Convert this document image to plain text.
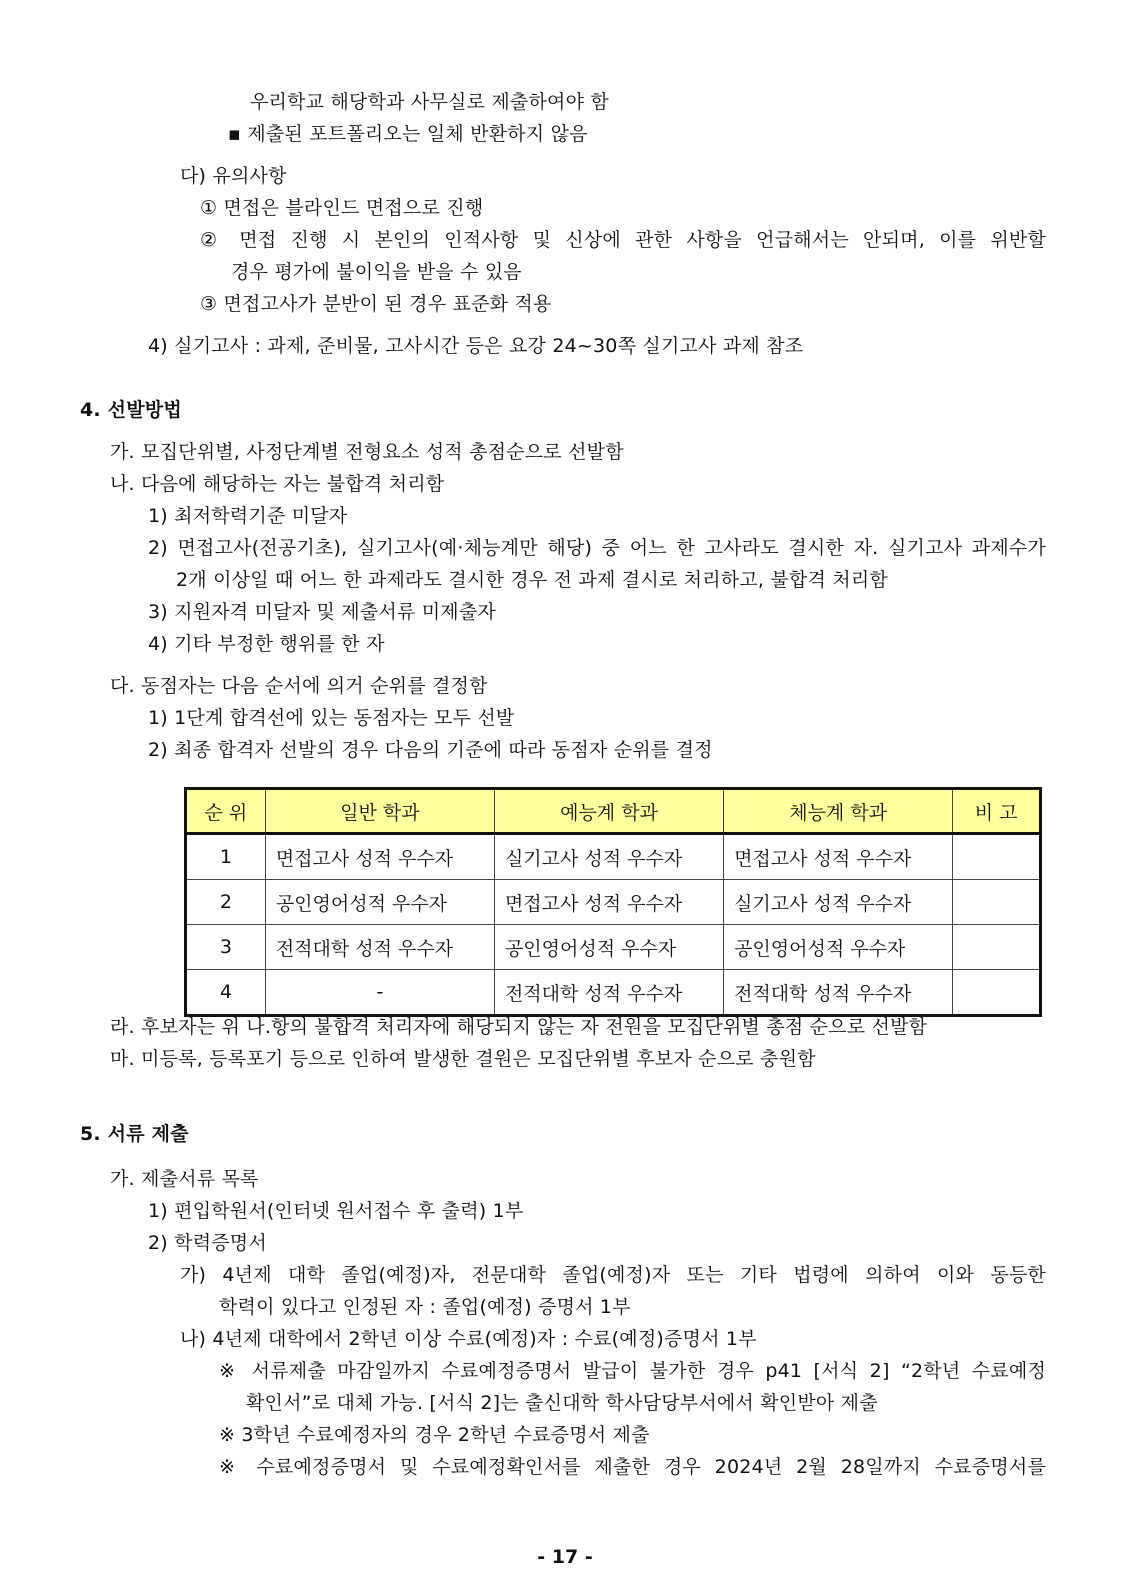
우리학교 해당학과 사무실로 제출하여야 함
▪ 제출된 포트폴리오는 일체 반환하지 않음
다) 유의사항
① 면접은 블라인드 면접으로 진행
② 면접 진행 시 본인의 인적사항 및 신상에 관한 사항을 언급해서는 안되며, 이를 위반할
경우 평가에 불이익을 받을 수 있음
③ 면접고사가 분반이 된 경우 표준화 적용
4) 실기고사 : 과제, 준비물, 고사시간 등은 요강 24~30쪽 실기고사 과제 참조
4. 선발방법
가. 모집단위별, 사정단계별 전형요소 성적 총점순으로 선발함
나. 다음에 해당하는 자는 불합격 처리함
1) 최저학력기준 미달자
2) 면접고사(전공기초), 실기고사(예·체능계만 해당) 중 어느 한 고사라도 결시한 자. 실기고사 과제수가
2개 이상일 때 어느 한 과제라도 결시한 경우 전 과제 결시로 처리하고, 불합격 처리함
3) 지원자격 미달자 및 제출서류 미제출자
4) 기타 부정한 행위를 한 자
다. 동점자는 다음 순서에 의거 순위를 결정함
1) 1단계 합격선에 있는 동점자는 모두 선발
2) 최종 합격자 선발의 경우 다음의 기준에 따라 동점자 순위를 결정
순 위	일반 학과	예능계 학과	체능계 학과	비 고
1	면접고사 성적 우수자	실기고사 성적 우수자	면접고사 성적 우수자	
2	공인영어성적 우수자	면접고사 성적 우수자	실기고사 성적 우수자	
3	전적대학 성적 우수자	공인영어성적 우수자	공인영어성적 우수자	
4	-	전적대학 성적 우수자	전적대학 성적 우수자	
라. 후보자는 위 나.항의 불합격 처리자에 해당되지 않는 자 전원을 모집단위별 총점 순으로 선발함
마. 미등록, 등록포기 등으로 인하여 발생한 결원은 모집단위별 후보자 순으로 충원함
5. 서류 제출
가. 제출서류 목록
1) 편입학원서(인터넷 원서접수 후 출력) 1부
2) 학력증명서
가) 4년제 대학 졸업(예정)자, 전문대학 졸업(예정)자 또는 기타 법령에 의하여 이와 동등한
학력이 있다고 인정된 자 : 졸업(예정) 증명서 1부
나) 4년제 대학에서 2학년 이상 수료(예정)자 : 수료(예정)증명서 1부
※ 서류제출 마감일까지 수료예정증명서 발급이 불가한 경우 p41 [서식 2] “2학년 수료예정
확인서”로 대체 가능. [서식 2]는 출신대학 학사담당부서에서 확인받아 제출
※ 3학년 수료예정자의 경우 2학년 수료증명서 제출
※ 수료예정증명서 및 수료예정확인서를 제출한 경우 2024년 2월 28일까지 수료증명서를
- 17 -
